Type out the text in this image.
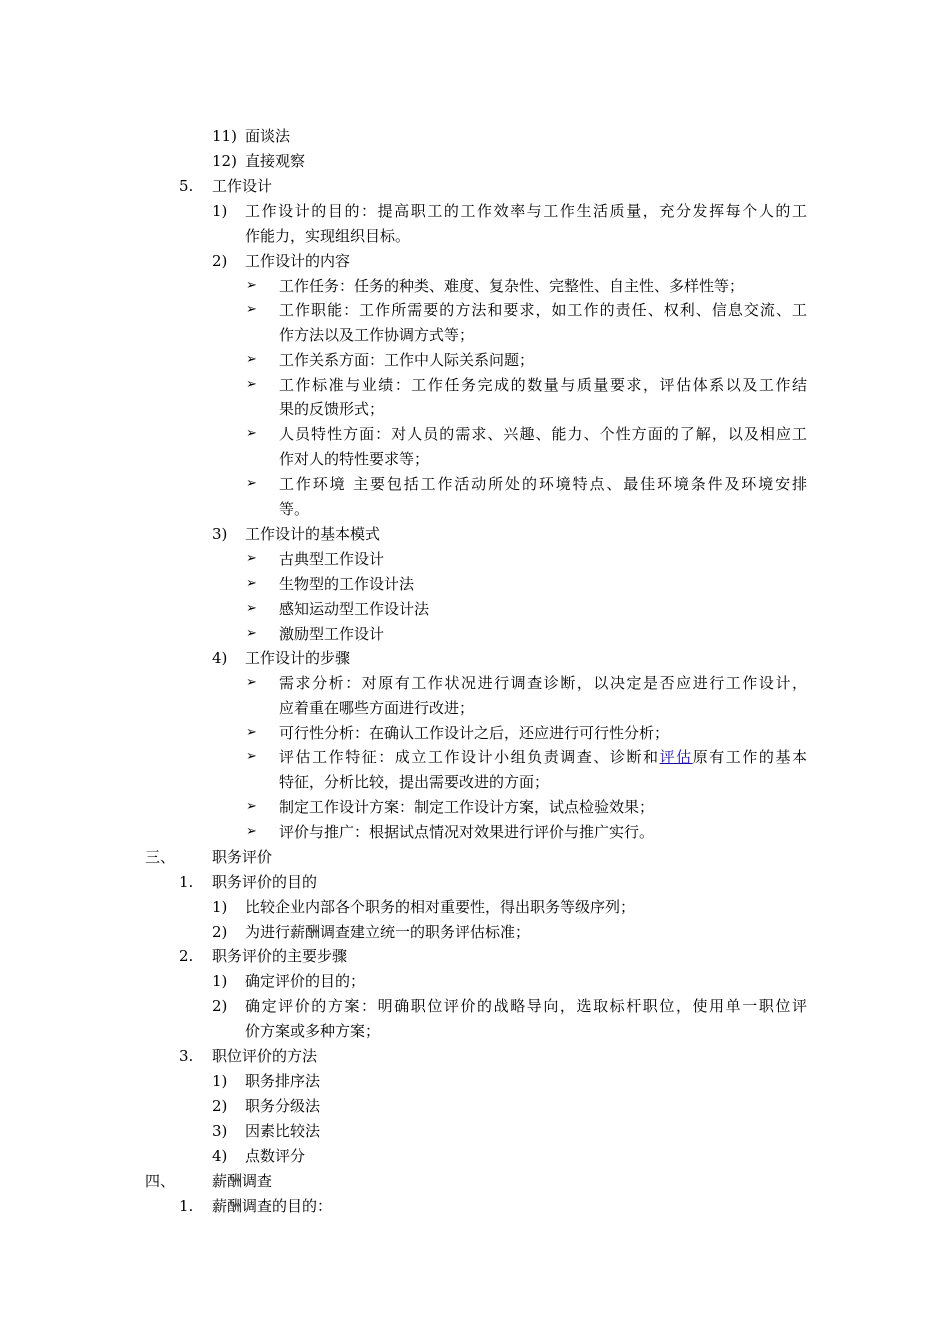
11) 面谈法
12) 直接观察
5. 工作设计
1) 工作设计的目的：提高职工的工作效率与工作生活质量，充分发挥每个人的工
作能力，实现组织目标。
2) 工作设计的内容
➢ 工作任务：任务的种类、难度、复杂性、完整性、自主性、多样性等；
➢ 工作职能：工作所需要的方法和要求，如工作的责任、权利、信息交流、工
作方法以及工作协调方式等；
➢ 工作关系方面：工作中人际关系问题；
➢ 工作标准与业绩：工作任务完成的数量与质量要求，评估体系以及工作结
果的反馈形式；
➢ 人员特性方面：对人员的需求、兴趣、能力、个性方面的了解，以及相应工
作对人的特性要求等；
➢ 工作环境 主要包括工作活动所处的环境特点、最佳环境条件及环境安排
等。
3) 工作设计的基本模式
➢ 古典型工作设计
➢ 生物型的工作设计法
➢ 感知运动型工作设计法
➢ 激励型工作设计
4) 工作设计的步骤
➢ 需求分析：对原有工作状况进行调查诊断，以决定是否应进行工作设计，
应着重在哪些方面进行改进；
➢ 可行性分析：在确认工作设计之后，还应进行可行性分析；
➢ 评估工作特征：成立工作设计小组负责调查、诊断和评估原有工作的基本
特征，分析比较，提出需要改进的方面；
➢ 制定工作设计方案：制定工作设计方案，试点检验效果；
➢ 评价与推广：根据试点情况对效果进行评价与推广实行。
三、 职务评价
1. 职务评价的目的
1) 比较企业内部各个职务的相对重要性，得出职务等级序列；
2) 为进行薪酬调查建立统一的职务评估标准；
2. 职务评价的主要步骤
1) 确定评价的目的；
2) 确定评价的方案：明确职位评价的战略导向，选取标杆职位，使用单一职位评
价方案或多种方案；
3. 职位评价的方法
1) 职务排序法
2) 职务分级法
3) 因素比较法
4) 点数评分
四、 薪酬调查
1. 薪酬调查的目的：
